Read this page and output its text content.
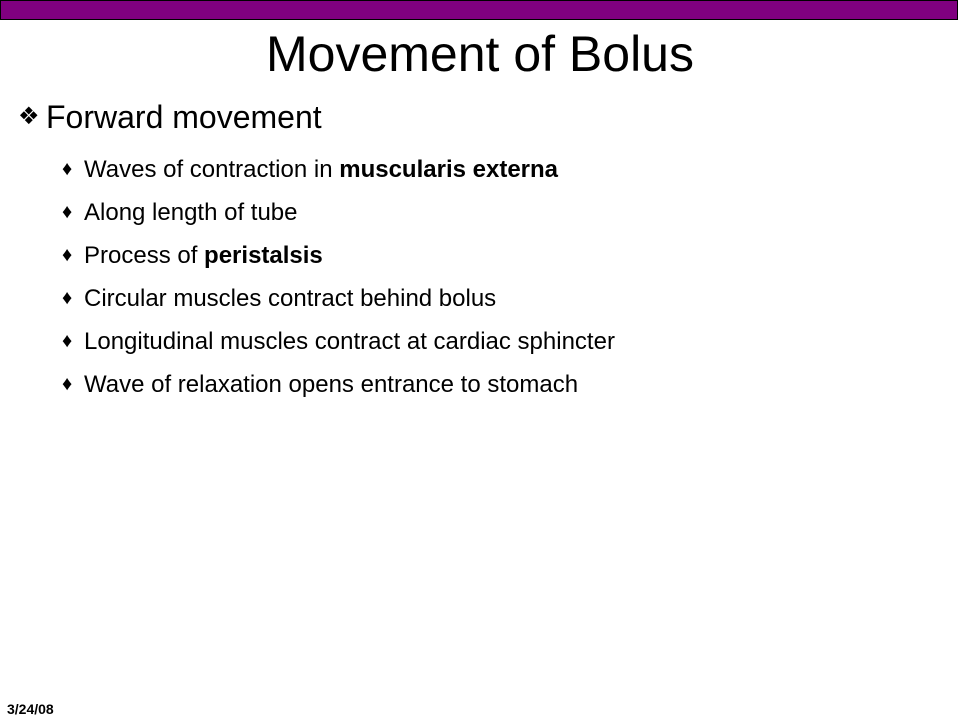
Movement of Bolus
❖ Forward movement
♦ Waves of contraction in muscularis externa
♦ Along length of tube
♦ Process of peristalsis
♦ Circular muscles contract behind bolus
♦ Longitudinal muscles contract at cardiac sphincter
♦ Wave of relaxation opens entrance to stomach
3/24/08
